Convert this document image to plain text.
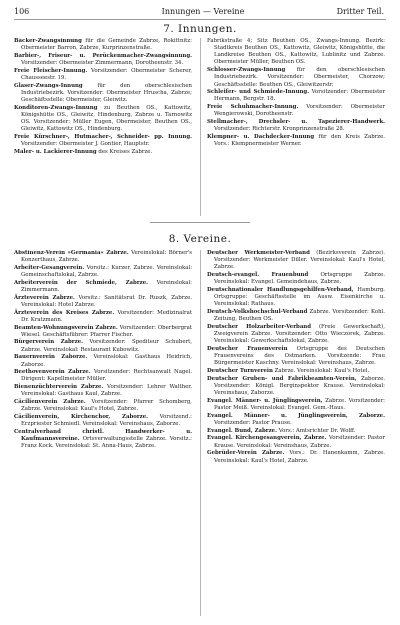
106	Innungen — Vereine	Dritter Teil.
7. Innungen.

Bäcker-Zwangsinnung für die Gemeinde Zabrze, Rokittnitz: Obermeister Barron, Zabrze, Kurprinzenstraße.

Barbier-, Friseur- u. Perückenmacher-Zwangsinnung. Vorsitzender: Obermeister Zimmermann, Dorotheenstr. 34.

Freie Fleischer-Innung. Vorsitzender: Obermeister Scherer, Chausseestr. 19.

Glaser-Zwangs-Innung	für den oberschlesischen Industriebezirk. Vorsitzender: Obermeister Hruscha, Zabrze; Geschäftsstelle: Obermeister, Gleiwitz.

Konditoren-Zwangs-Innung zu Beuthen OS., Kattowitz, Königshütte OS., Gleiwitz, Hindenburg, Zabrze u. Tarnowitz OS. Vorsitzender: Müller Eugen, Obermeister, Beuthen OS., Gleiwitz, Kattowitz OS., Hindenburg.

Freie Kürschner-, Hutmacher-, Schneider- pp. Innung. Vorsitzender: Obermeister J. Gontier, Hauptstr.

Maler- u. Lackierer-Innung des Kreises Zabrze.

Fabrikstraße 4; Sitz Beuthen OS., Zwangs-Innung. Bezirk: Stadtkreis Beuthen OS., Kattowitz, Gleiwitz, Königshütte, die Landkreise Beuthen OS., Kattowitz, Lublinitz und Zabrze. Obermeister Müller, Beuthen OS.

Schlosser-Zwangs-Innung für den oberschlesischen Industriebezirk. Vorsitzender: Obermeister, Chorzow; Geschäftsstelle: Beuthen OS., Gleiwitzerstr.

Schleifer- und Schmiede-Innung. Vorsitzender: Obermeister Hermann, Bergstr. 18.

Freie Schuhmacher-Innung. Vorsitzender: Obermeister Wengierowski, Dorotheenstr.

Stellmacher-, Drechsler- u. Tapezierer-Handwerk. Vorsitzender: Richterstr. Kronprinzenstraße 28.

Klempner- u. Dachdecker-Innung für den Kreis Zabrze. Vors.: Klempnermeister Werner.

8. Vereine.

Abstinenz-Verein »Germania« Zabrze. Vereinslokal: Börner's Konzerthaus, Zabrze.

Arbeiter-Gesangverein. Vorsitz.: Kurzer, Zabrze. Vereinslokal: Gemeinschaftslokal, Zabrze.

Arbeiterverein der Schmiede, Zabrze. Vereinslokal: Zimmermann.

Ärzteverein Zabrze. Vorsitz.: Sanitätsrat Dr. Ruszk, Zabrze. Vereinslokal: Hotel Zabrze.

Ärzteverein des Kreises Zabrze. Vorsitzender: Medizinalrat Dr. Kratzmann.

Beamten-Wohnungsverein Zabrze. Vorsitzender: Oberbergrat Wiesel. Geschäftsführer: Pfarrer Fischer.

Bürgerverein Zabrze. Vorsitzender: Spediteur Schubert, Zabrze. Vereinslokal: Restaurant Kubowitz.

Bauernverein Zaborze. Vereinslokal: Gasthaus Heidrich, Zaborze.

Beethovenverein Zabrze. Vorsitzender: Rechtsanwalt Nagel. Dirigent: Kapellmeister Müller.

Bienenzüchterverein Zabrze. Vorsitzender: Lehrer Walther. Vereinslokal: Gasthaus Kaul, Zabrze.

Cäcilienverein Zabrze. Vorsitzender: Pfarrer Schomberg, Zabrze. Vereinslokal: Kaul's Hotel, Zabrze.

Cäcilienverein, Kirchenchor, Zaborze. Vorsitzend.: Erzpriester Schmiedl. Vereinslokal: Vereinshaus, Zaborze.

Centralverband christl. Handwerker- u. Kaufmannsvereine. Ortsverwaltungsstelle Zabrze. Vorsitz.: Franz Kock. Vereinslokal: St. Anna-Haus, Zabrze.

Deutscher Werkmeister-Verband (Bezirksverein Zabrze). Vorsitzender: Werkmeister Diller. Vereinslokal: Kaul's Hotel, Zabrze.

Deutsch-evangel. Frauenbund Ortsgruppe Zabrze. Vereinslokal: Evangel. Gemeindehaus, Zabrze.

Deutschnationaler Handlungsgehilfen-Verband, Hamburg. Ortsgruppe: Geschäftsstelle im Ausw. Eisenkirche u. Vereinslokal: Rathaus.

Deutsch-Volkshochschul-Verband Zabrze. Vorsitzender: Kohl. Zeitung, Beuthen OS.

Deutscher Holzarbeiter-Verband (Freie Gewerkschaft), Zweigverein Zabrze. Vorsitzender: Otto Wieczorek, Zabrze. Vereinslokal: Gewerkschaftslokal, Zabrze.

Deutscher Frauenverein Ortsgruppe des Deutschen Frauenvereins des Ostmarken. Vorsitzende: Frau Bürgermeister Kaschny. Vereinslokal: Vereinshaus, Zabrze.

Deutscher Turnverein Zabrze. Vereinslokal: Kaul's Hotel.

Deutscher Gruben- und Fabrikbeamten-Verein, Zaborze. Vorsitzender: Königl. Berginspektor Krause. Vereinslokal: Vereinshaus, Zaborze.

Evangel. Männer- u. Jünglingsverein, Zabrze. Vorsitzender: Pastor Meiß. Vereinslokal: Evangel. Gem.-Haus.

Evangel. Männer- u. Jünglingsverein, Zaborze. Vorsitzender: Pastor Prause.

Evangel. Bund, Zabrze. Vors.: Amtsrichter Dr. Wolff.

Evangel. Kirchengesangverein, Zabrze. Vorsitzender: Pastor Krause. Vereinslokal: Vereinshaus, Zabrze.

Gebrüder-Verein Zabrze. Vors.: Dr. Hanenkamm, Zabrze. Vereinslokal: Kaul's Hotel, Zabrze.
